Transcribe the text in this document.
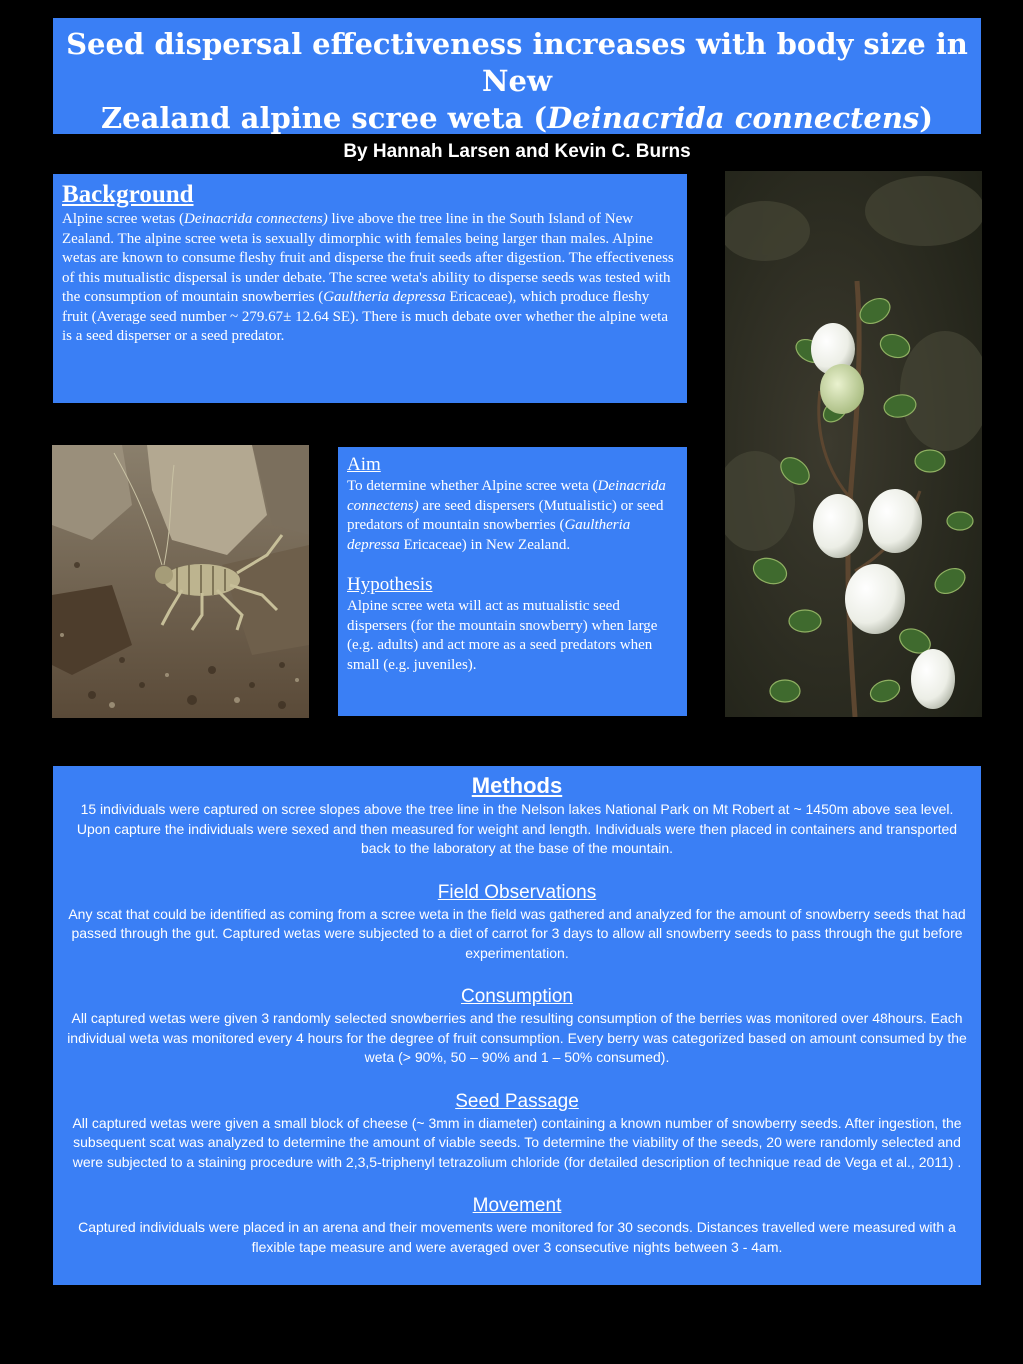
Seed dispersal effectiveness increases with body size in New
Zealand alpine scree weta (Deinacrida connectens)
By Hannah Larsen and Kevin C. Burns
Background
Alpine scree wetas (Deinacrida connectens) live above the tree line in the South Island of New Zealand. The alpine scree weta is sexually dimorphic with females being larger than males. Alpine wetas are known to consume fleshy fruit and disperse the fruit seeds after digestion. The effectiveness of this mutualistic dispersal is under debate. The scree weta's ability to disperse seeds was tested with the consumption of mountain snowberries (Gaultheria depressa Ericaceae), which produce fleshy fruit (Average seed number ~ 279.67± 12.64 SE). There is much debate over whether the alpine weta is a seed disperser or a seed predator.
Aim
To determine whether Alpine scree weta (Deinacrida connectens) are seed dispersers (Mutualistic) or seed predators of mountain snowberries (Gaultheria depressa Ericaceae) in New Zealand.
Hypothesis
Alpine scree weta will act as mutualistic seed dispersers (for the mountain snowberry) when large (e.g. adults) and act more as a seed predators when small (e.g. juveniles).
Methods
15 individuals were captured on scree slopes above the tree line in the Nelson lakes National Park on Mt Robert at ~ 1450m above sea level. Upon capture the individuals were sexed and then measured for weight and length. Individuals were then placed in containers and transported back to the laboratory at the base of the mountain.
Field Observations
Any scat that could be identified as coming from a scree weta in the field was gathered and analyzed for the amount of snowberry seeds that had passed through the gut. Captured wetas were subjected to a diet of carrot for 3 days to allow all snowberry seeds to pass through the gut before experimentation.
Consumption
All captured wetas were given 3 randomly selected snowberries and the resulting consumption of the berries was monitored over 48hours. Each individual weta was monitored every 4 hours for the degree of fruit consumption. Every berry was categorized based on amount consumed by the weta (> 90%, 50 – 90% and 1 – 50% consumed).
Seed Passage
All captured wetas were given a small block of cheese (~ 3mm in diameter) containing a known number of snowberry seeds. After ingestion, the subsequent scat was analyzed to determine the amount of viable seeds. To determine the viability of the seeds, 20 were randomly selected and were subjected to a staining procedure with 2,3,5-triphenyl tetrazolium chloride (for detailed description of technique read de Vega et al., 2011) .
Movement
Captured individuals were placed in an arena and their movements were monitored for 30 seconds. Distances travelled were measured with a flexible tape measure and were averaged over 3 consecutive nights between 3 - 4am.
